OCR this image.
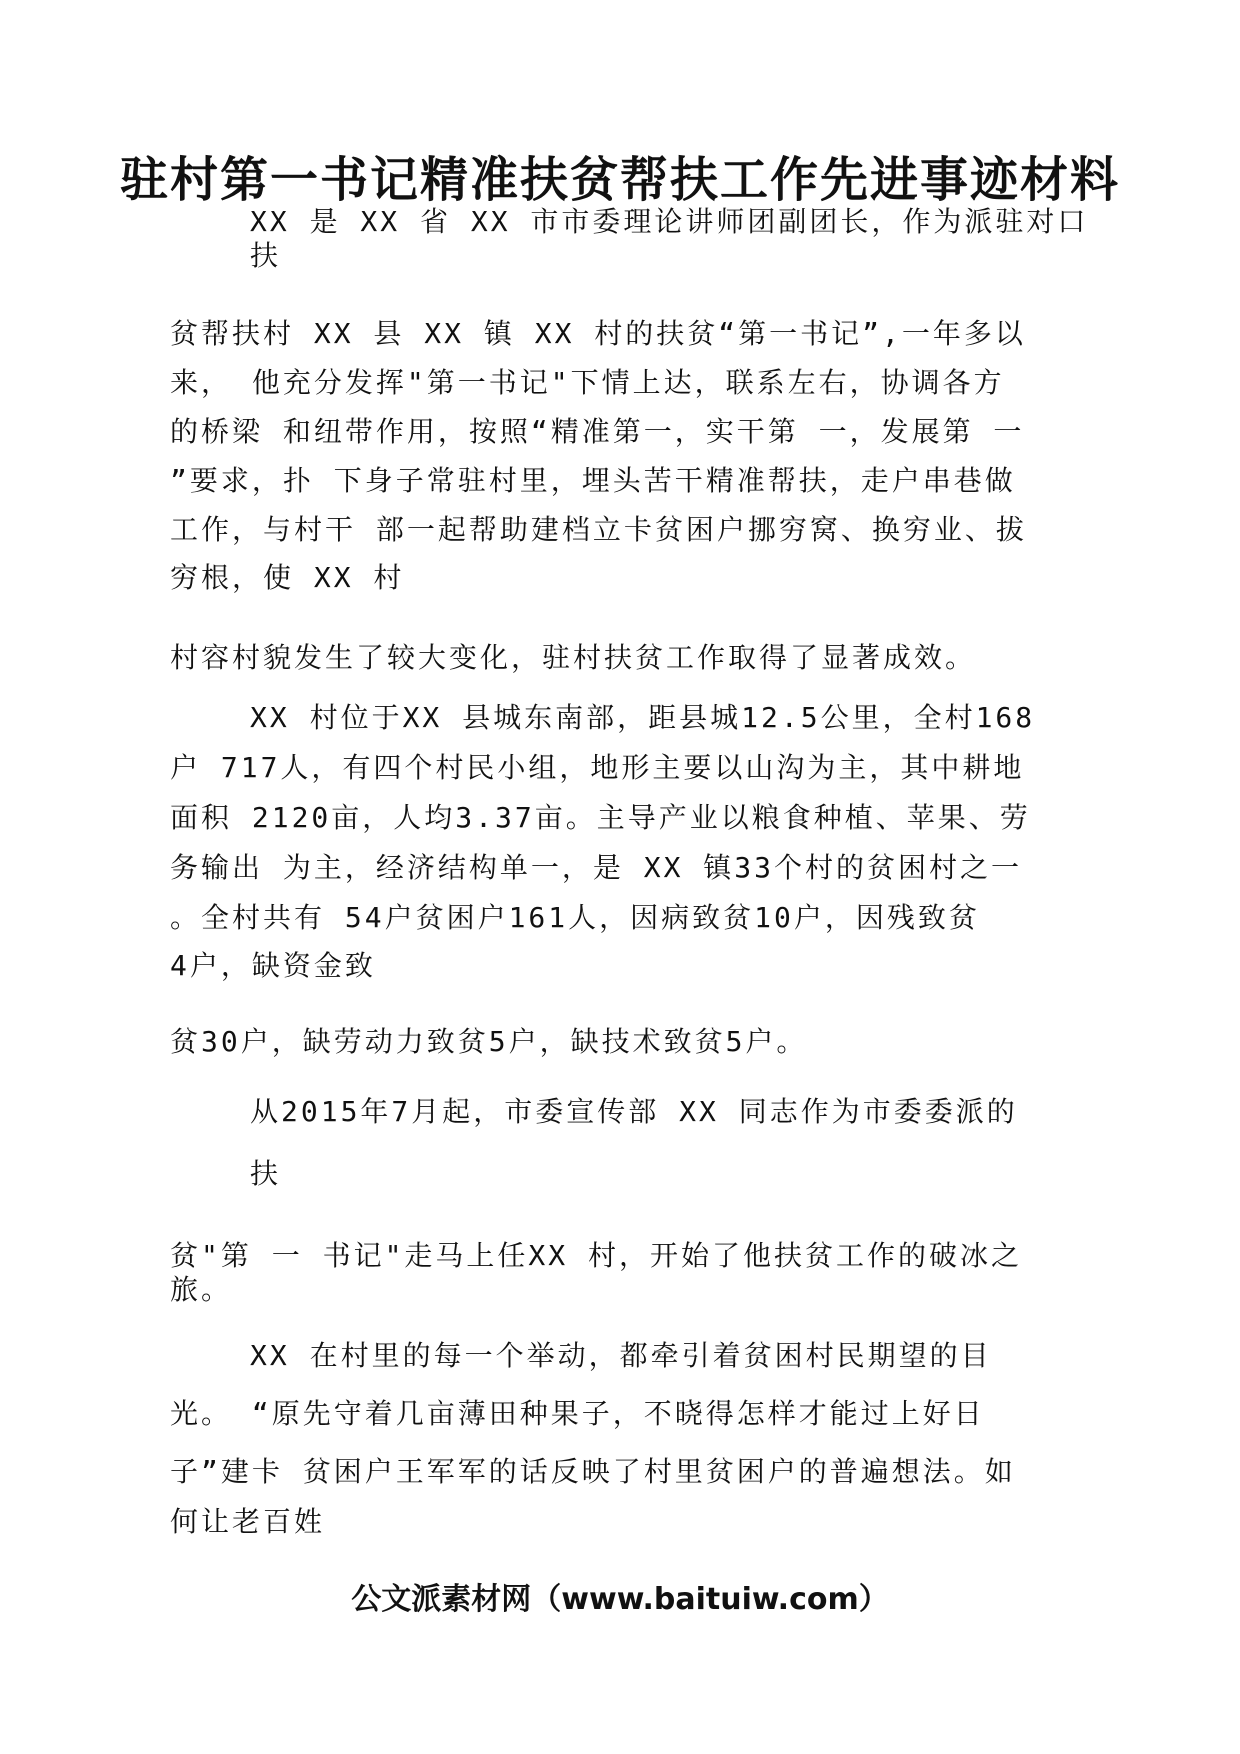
驻村第一书记精准扶贫帮扶工作先进事迹材料
XX 是 XX 省 XX 市市委理论讲师团副团长，作为派驻对口
扶
贫帮扶村 XX 县 XX 镇 XX 村的扶贫“第一书记”,一年多以
来， 他充分发挥"第一书记"下情上达，联系左右，协调各方
的桥梁 和纽带作用，按照“精准第一，实干第 一，发展第 一
”要求，扑 下身子常驻村里，埋头苦干精准帮扶，走户串巷做
工作，与村干 部一起帮助建档立卡贫困户挪穷窝、换穷业、拔
穷根，使 XX 村
村容村貌发生了较大变化，驻村扶贫工作取得了显著成效。
XX 村位于XX 县城东南部，距县城12.5公里，全村168
户 717人，有四个村民小组，地形主要以山沟为主，其中耕地
面积 2120亩，人均3.37亩。主导产业以粮食种植、苹果、劳
务输出 为主，经济结构单一，是 XX 镇33个村的贫困村之一
。全村共有 54户贫困户161人，因病致贫10户，因残致贫
4户，缺资金致
贫30户，缺劳动力致贫5户，缺技术致贫5户。
从2015年7月起，市委宣传部 XX 同志作为市委委派的
扶
贫"第 一 书记"走马上任XX 村，开始了他扶贫工作的破冰之
旅。
XX 在村里的每一个举动，都牵引着贫困村民期望的目
光。 “原先守着几亩薄田种果子，不晓得怎样才能过上好日
子”建卡 贫困户王军军的话反映了村里贫困户的普遍想法。如
何让老百姓
公文派素材网（www.baituiw.com）
